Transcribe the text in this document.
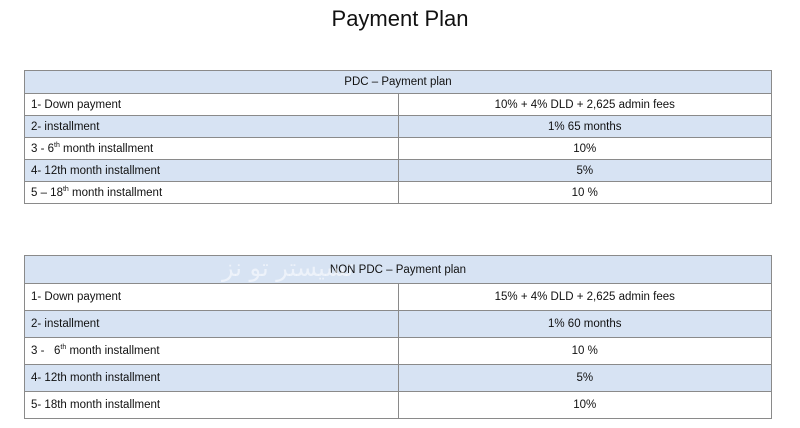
Payment Plan
PDC – Payment plan	
1- Down payment	10% + 4% DLD + 2,625 admin fees
2- installment	1% 65 months
3 - 6th month installment	10%
4- 12th month installment	5%
5 – 18th month installment	10 %
NON PDC – Payment plan	
1- Down payment	15% + 4% DLD + 2,625 admin fees
2- installment	1% 60 months
3 -   6th month installment	10 %
4- 12th month installment	5%
5- 18th month installment	10%
تسيستر تو نز
